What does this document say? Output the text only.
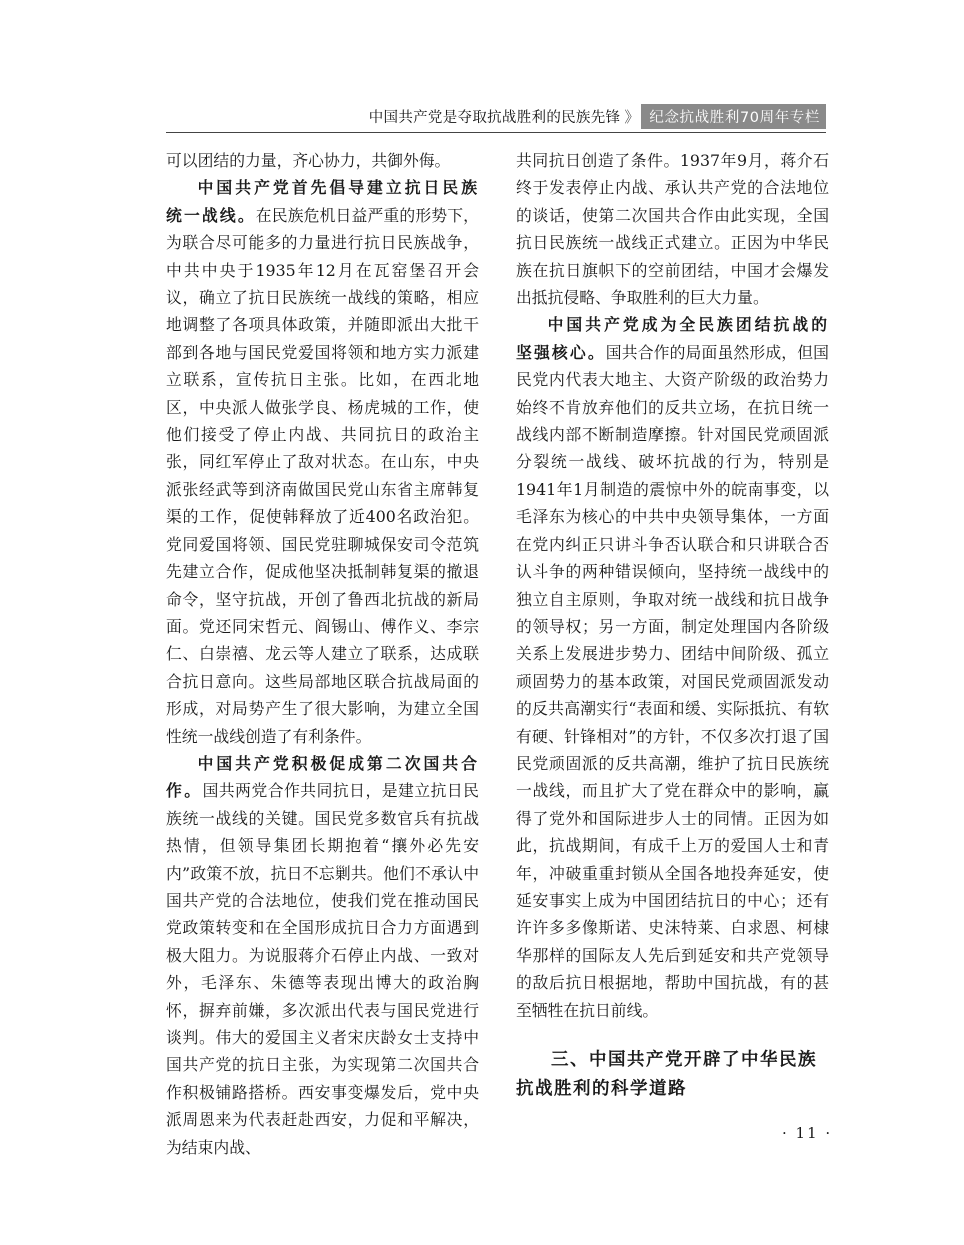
中国共产党是夺取抗战胜利的民族先锋 》 纪念抗战胜利70周年专栏

可以团结的力量，齐心协力，共御外侮。

中国共产党首先倡导建立抗日民族统一战线。在民族危机日益严重的形势下，为联合尽可能多的力量进行抗日民族战争，中共中央于1935年12月在瓦窑堡召开会议，确立了抗日民族统一战线的策略，相应地调整了各项具体政策，并随即派出大批干部到各地与国民党爱国将领和地方实力派建立联系，宣传抗日主张。比如，在西北地区，中央派人做张学良、杨虎城的工作，使他们接受了停止内战、共同抗日的政治主张，同红军停止了敌对状态。在山东，中央派张经武等到济南做国民党山东省主席韩复渠的工作，促使韩释放了近400名政治犯。党同爱国将领、国民党驻聊城保安司令范筑先建立合作，促成他坚决抵制韩复渠的撤退命令，坚守抗战，开创了鲁西北抗战的新局面。党还同宋哲元、阎锡山、傅作义、李宗仁、白崇禧、龙云等人建立了联系，达成联合抗日意向。这些局部地区联合抗战局面的形成，对局势产生了很大影响，为建立全国性统一战线创造了有利条件。

中国共产党积极促成第二次国共合作。国共两党合作共同抗日，是建立抗日民族统一战线的关键。国民党多数官兵有抗战热情，但领导集团长期抱着“攘外必先安内”政策不放，抗日不忘剿共。他们不承认中国共产党的合法地位，使我们党在推动国民党政策转变和在全国形成抗日合力方面遇到极大阻力。为说服蒋介石停止内战、一致对外，毛泽东、朱德等表现出博大的政治胸怀，摒弃前嫌，多次派出代表与国民党进行谈判。伟大的爱国主义者宋庆龄女士支持中国共产党的抗日主张，为实现第二次国共合作积极铺路搭桥。西安事变爆发后，党中央派周恩来为代表赶赴西安，力促和平解决，为结束内战、

共同抗日创造了条件。1937年9月，蒋介石终于发表停止内战、承认共产党的合法地位的谈话，使第二次国共合作由此实现，全国抗日民族统一战线正式建立。正因为中华民族在抗日旗帜下的空前团结，中国才会爆发出抵抗侵略、争取胜利的巨大力量。

中国共产党成为全民族团结抗战的坚强核心。国共合作的局面虽然形成，但国民党内代表大地主、大资产阶级的政治势力始终不肯放弃他们的反共立场，在抗日统一战线内部不断制造摩擦。针对国民党顽固派分裂统一战线、破坏抗战的行为，特别是1941年1月制造的震惊中外的皖南事变，以毛泽东为核心的中共中央领导集体，一方面在党内纠正只讲斗争否认联合和只讲联合否认斗争的两种错误倾向，坚持统一战线中的独立自主原则，争取对统一战线和抗日战争的领导权；另一方面，制定处理国内各阶级关系上发展进步势力、团结中间阶级、孤立顽固势力的基本政策，对国民党顽固派发动的反共高潮实行“表面和缓、实际抵抗、有软有硬、针锋相对”的方针，不仅多次打退了国民党顽固派的反共高潮，维护了抗日民族统一战线，而且扩大了党在群众中的影响，赢得了党外和国际进步人士的同情。正因为如此，抗战期间，有成千上万的爱国人士和青年，冲破重重封锁从全国各地投奔延安，使延安事实上成为中国团结抗日的中心；还有许许多多像斯诺、史沫特莱、白求恩、柯棣华那样的国际友人先后到延安和共产党领导的敌后抗日根据地，帮助中国抗战，有的甚至牺牲在抗日前线。

三、中国共产党开辟了中华民族抗战胜利的科学道路
· 11 ·
